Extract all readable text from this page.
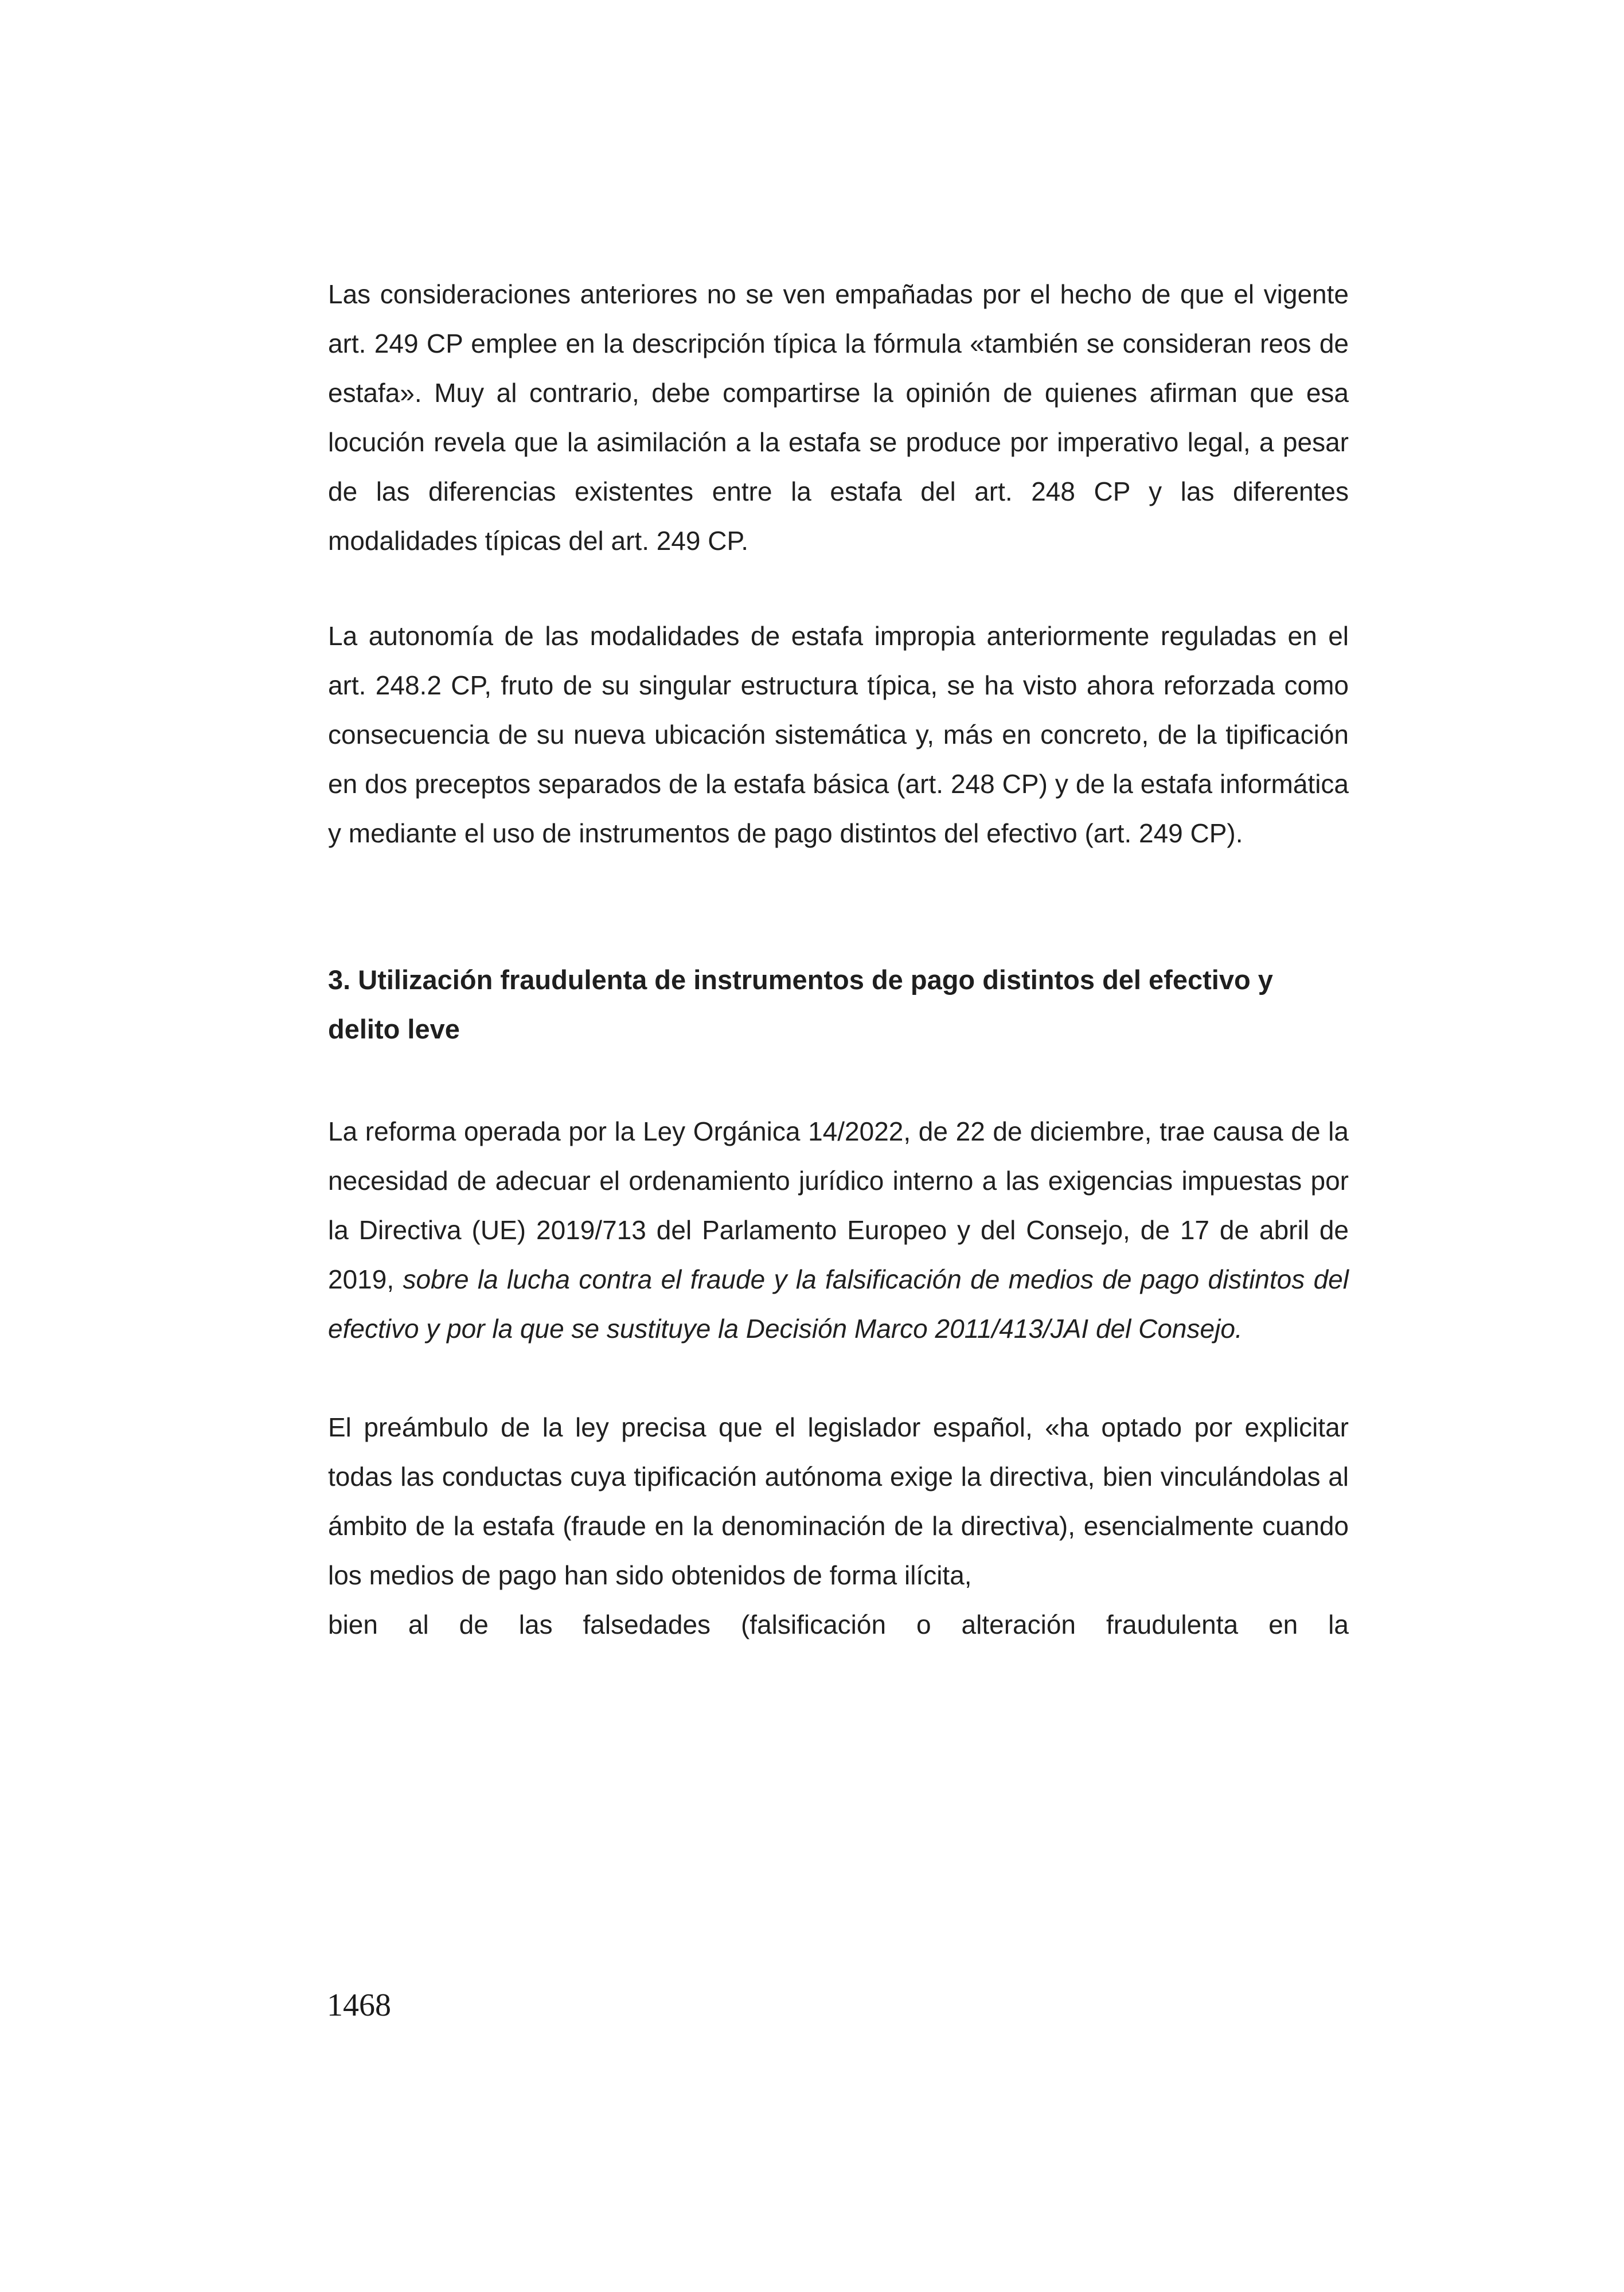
Las consideraciones anteriores no se ven empañadas por el hecho de que el vigente art. 249 CP emplee en la descripción típica la fórmula «también se consideran reos de estafa». Muy al contrario, debe compartirse la opinión de quienes afirman que esa locución revela que la asimilación a la estafa se produce por imperativo legal, a pesar de las diferencias existentes entre la estafa del art. 248 CP y las diferentes modalidades típicas del art. 249 CP.

La autonomía de las modalidades de estafa impropia anteriormente reguladas en el art. 248.2 CP, fruto de su singular estructura típica, se ha visto ahora reforzada como consecuencia de su nueva ubicación sistemática y, más en concreto, de la tipificación en dos preceptos separados de la estafa básica (art. 248 CP) y de la estafa informática y mediante el uso de instrumentos de pago distintos del efectivo (art. 249 CP).

3. Utilización fraudulenta de instrumentos de pago distintos del efectivo y delito leve

La reforma operada por la Ley Orgánica 14/2022, de 22 de diciembre, trae causa de la necesidad de adecuar el ordenamiento jurídico interno a las exigencias impuestas por la Directiva (UE) 2019/713 del Parlamento Europeo y del Consejo, de 17 de abril de 2019, sobre la lucha contra el fraude y la falsificación de medios de pago distintos del efectivo y por la que se sustituye la Decisión Marco 2011/413/JAI del Consejo.

El preámbulo de la ley precisa que el legislador español, «ha optado por explicitar todas las conductas cuya tipificación autónoma exige la directiva, bien vinculándolas al ámbito de la estafa (fraude en la denominación de la directiva), esencialmente cuando los medios de pago han sido obtenidos de forma ilícita,
bien al de las falsedades (falsificación o alteración fraudulenta en la

1468
